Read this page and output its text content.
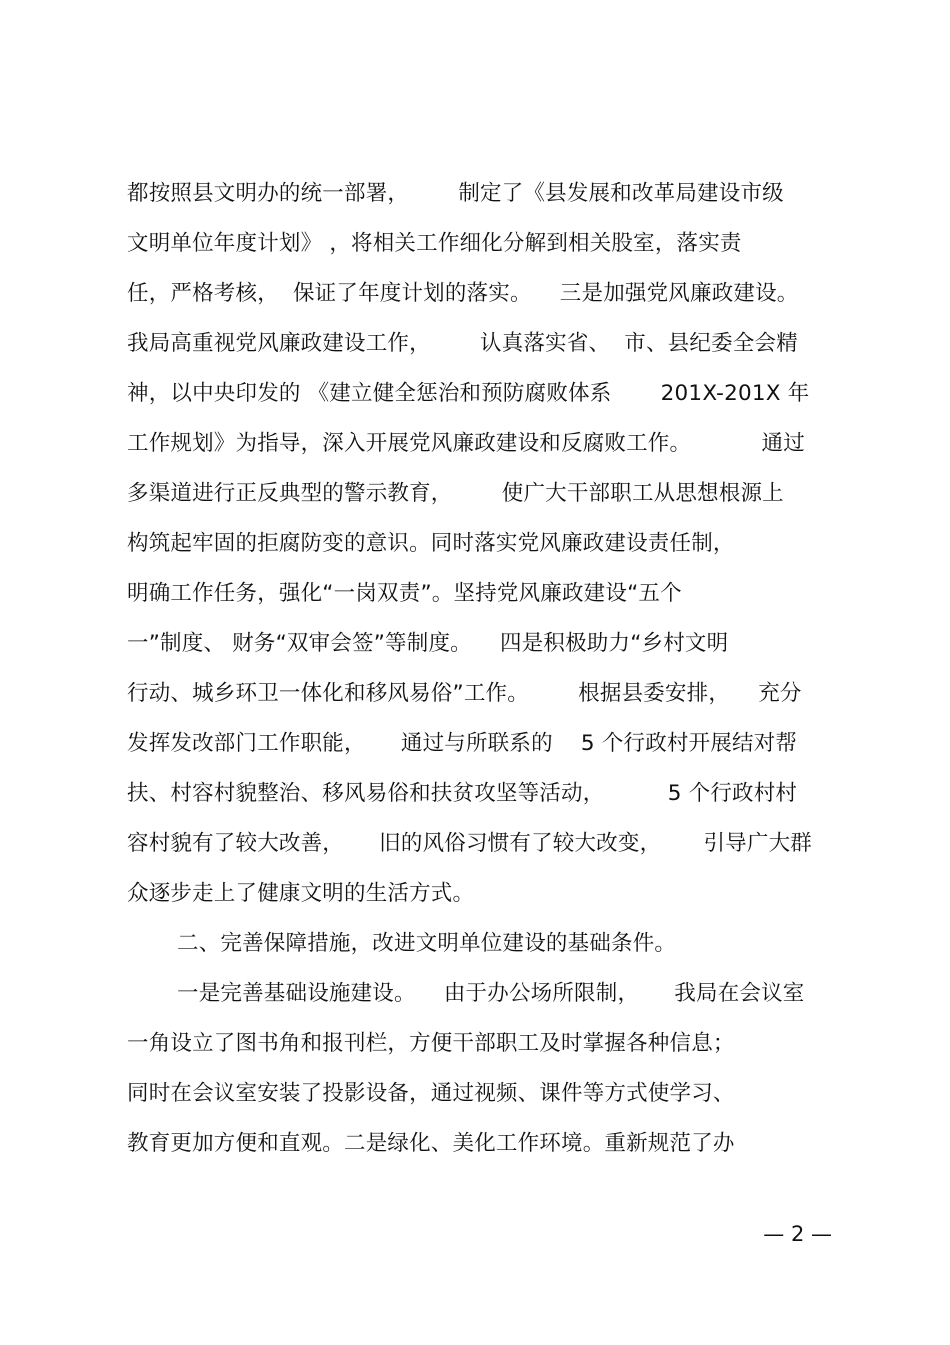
都按照县文明办的统一部署，       制定了《县发展和改革局建设市级
文明单位年度计划》 ，将相关工作细化分解到相关股室，落实责
任，严格考核，  保证了年度计划的落实。    三是加强党风廉政建设。
我局高重视党风廉政建设工作，       认真落实省、  市、县纪委全会精
神，以中央印发的 《建立健全惩治和预防腐败体系       201X-201X 年
工作规划》为指导，深入开展党风廉政建设和反腐败工作。          通过
多渠道进行正反典型的警示教育，       使广大干部职工从思想根源上
构筑起牢固的拒腐防变的意识。同时落实党风廉政建设责任制，
明确工作任务，强化“一岗双责”。坚持党风廉政建设“五个
一”制度、 财务“双审会签”等制度。    四是积极助力“乡村文明
行动、城乡环卫一体化和移风易俗”工作。       根据县委安排，    充分
发挥发改部门工作职能，     通过与所联系的    5 个行政村开展结对帮
扶、村容村貌整治、移风易俗和扶贫攻坚等活动，         5 个行政村村
容村貌有了较大改善，     旧的风俗习惯有了较大改变，      引导广大群
众逐步走上了健康文明的生活方式。
二、完善保障措施，改进文明单位建设的基础条件。
一是完善基础设施建设。    由于办公场所限制，     我局在会议室
一角设立了图书角和报刊栏，方便干部职工及时掌握各种信息；
同时在会议室安装了投影设备，通过视频、课件等方式使学习、
教育更加方便和直观。二是绿化、美化工作环境。重新规范了办
— 2 —
